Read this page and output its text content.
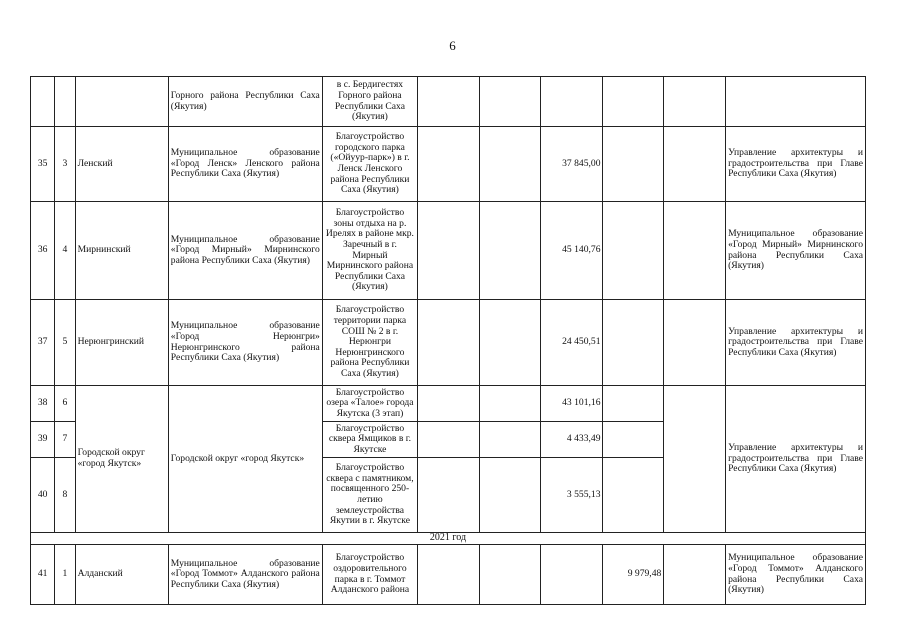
6
			Горного района Республики Саха (Якутия)	в с. Бердигестях Горного района Республики Саха (Якутия)						
35	3	Ленский	Муниципальное образование «Город Ленск» Ленского района Республики Саха (Якутия)	Благоустройство городского парка («Ойуур-парк») в г. Ленск Ленского района Республики Саха (Якутия)			37 845,00			Управление архитектуры и градостроительства при Главе Республики Саха (Якутия)
36	4	Мирнинский	Муниципальное образование «Город Мирный» Мирнинского района Республики Саха (Якутия)	Благоустройство зоны отдыха на р. Ирелях в районе мкр. Заречный в г. Мирный Мирнинского района Республики Саха (Якутия)			45 140,76			Муниципальное образование «Город Мирный» Мирнинского района Республики Саха (Якутия)
37	5	Нерюнгринский	Муниципальное образование «Город Нерюнгри» Нерюнгринского района Республики Саха (Якутия)	Благоустройство территории парка СОШ № 2 в г. Нерюнгри Нерюнгринского района Республики Саха (Якутия)			24 450,51			Управление архитектуры и градостроительства при Главе Республики Саха (Якутия)
38	6	Городской округ «город Якутск»	Городской округ «город Якутск»	Благоустройство озера «Талое» города Якутска (3 этап)			43 101,16			Управление архитектуры и градостроительства при Главе Республики Саха (Якутия)
39	7			Благоустройство сквера Ямщиков в г. Якутске			4 433,49			
40	8			Благоустройство сквера с памятником, посвященного 250-летию землеустройства Якутии в г. Якутске			3 555,13			
2021 год										
41	1	Алданский	Муниципальное образование «Город Томмот» Алданского района Республики Саха (Якутия)	Благоустройство оздоровительного парка в г. Томмот Алданского района				9 979,48		Муниципальное образование «Город Томмот» Алданского района Республики Саха (Якутия)
